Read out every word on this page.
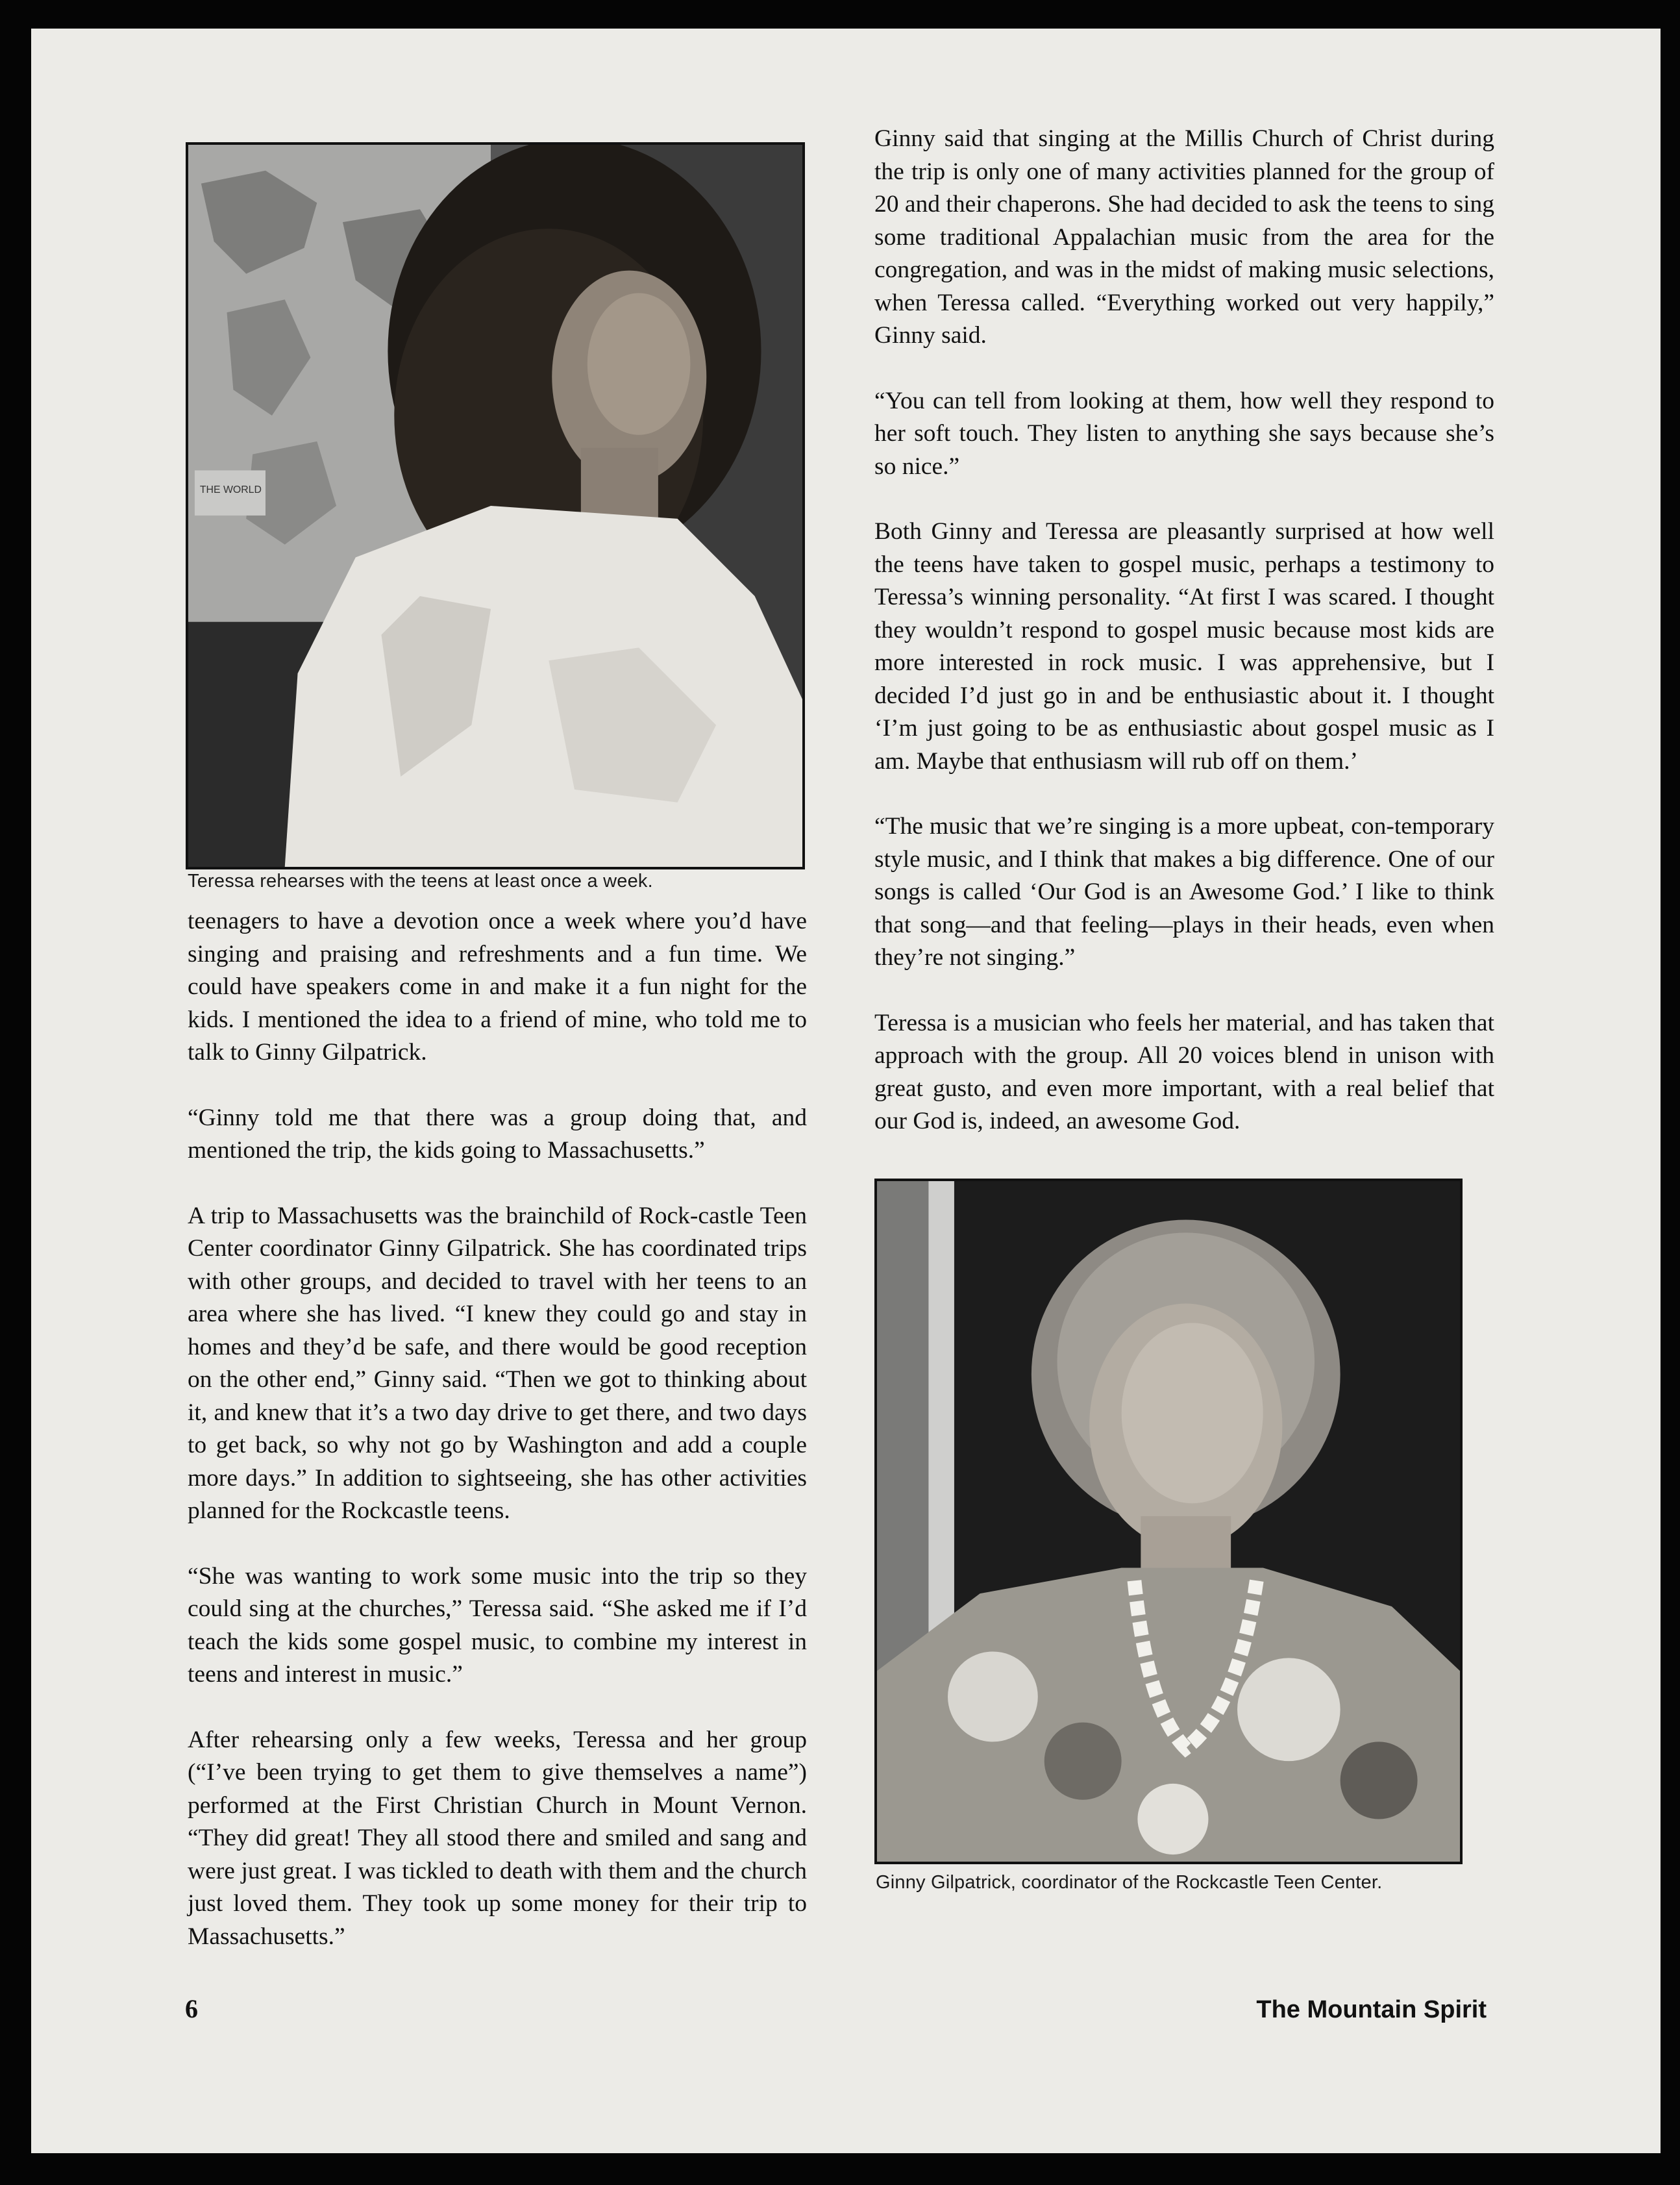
THE WORLD
Teressa rehearses with the teens at least once a week.

teenagers to have a devotion once a week where you’d have singing and praising and refreshments and a fun time. We could have speakers come in and make it a fun night for the kids. I mentioned the idea to a friend of mine, who told me to talk to Ginny Gilpatrick.

“Ginny told me that there was a group doing that, and mentioned the trip, the kids going to Massachusetts.”

A trip to Massachusetts was the brainchild of Rock-castle Teen Center coordinator Ginny Gilpatrick. She has coordinated trips with other groups, and decided to travel with her teens to an area where she has lived. “I knew they could go and stay in homes and they’d be safe, and there would be good reception on the other end,” Ginny said. “Then we got to thinking about it, and knew that it’s a two day drive to get there, and two days to get back, so why not go by Washington and add a couple more days.” In addition to sightseeing, she has other activities planned for the Rockcastle teens.

“She was wanting to work some music into the trip so they could sing at the churches,” Teressa said. “She asked me if I’d teach the kids some gospel music, to combine my interest in teens and interest in music.”

After rehearsing only a few weeks, Teressa and her group (“I’ve been trying to get them to give themselves a name”) performed at the First Christian Church in Mount Vernon. “They did great! They all stood there and smiled and sang and were just great. I was tickled to death with them and the church just loved them. They took up some money for their trip to Massachusetts.”

Ginny said that singing at the Millis Church of Christ during the trip is only one of many activities planned for the group of 20 and their chaperons. She had decided to ask the teens to sing some traditional Appalachian music from the area for the congregation, and was in the midst of making music selections, when Teressa called. “Everything worked out very happily,” Ginny said.

“You can tell from looking at them, how well they respond to her soft touch. They listen to anything she says because she’s so nice.”

Both Ginny and Teressa are pleasantly surprised at how well the teens have taken to gospel music, perhaps a testimony to Teressa’s winning personality. “At first I was scared. I thought they wouldn’t respond to gospel music because most kids are more interested in rock music. I was apprehensive, but I decided I’d just go in and be enthusiastic about it. I thought ‘I’m just going to be as enthusiastic about gospel music as I am. Maybe that enthusiasm will rub off on them.’

“The music that we’re singing is a more upbeat, con-temporary style music, and I think that makes a big difference. One of our songs is called ‘Our God is an Awesome God.’ I like to think that song—and that feeling—plays in their heads, even when they’re not singing.”

Teressa is a musician who feels her material, and has taken that approach with the group. All 20 voices blend in unison with great gusto, and even more important, with a real belief that our God is, indeed, an awesome God.

Ginny Gilpatrick, coordinator of the Rockcastle Teen Center.
6	The Mountain Spirit
